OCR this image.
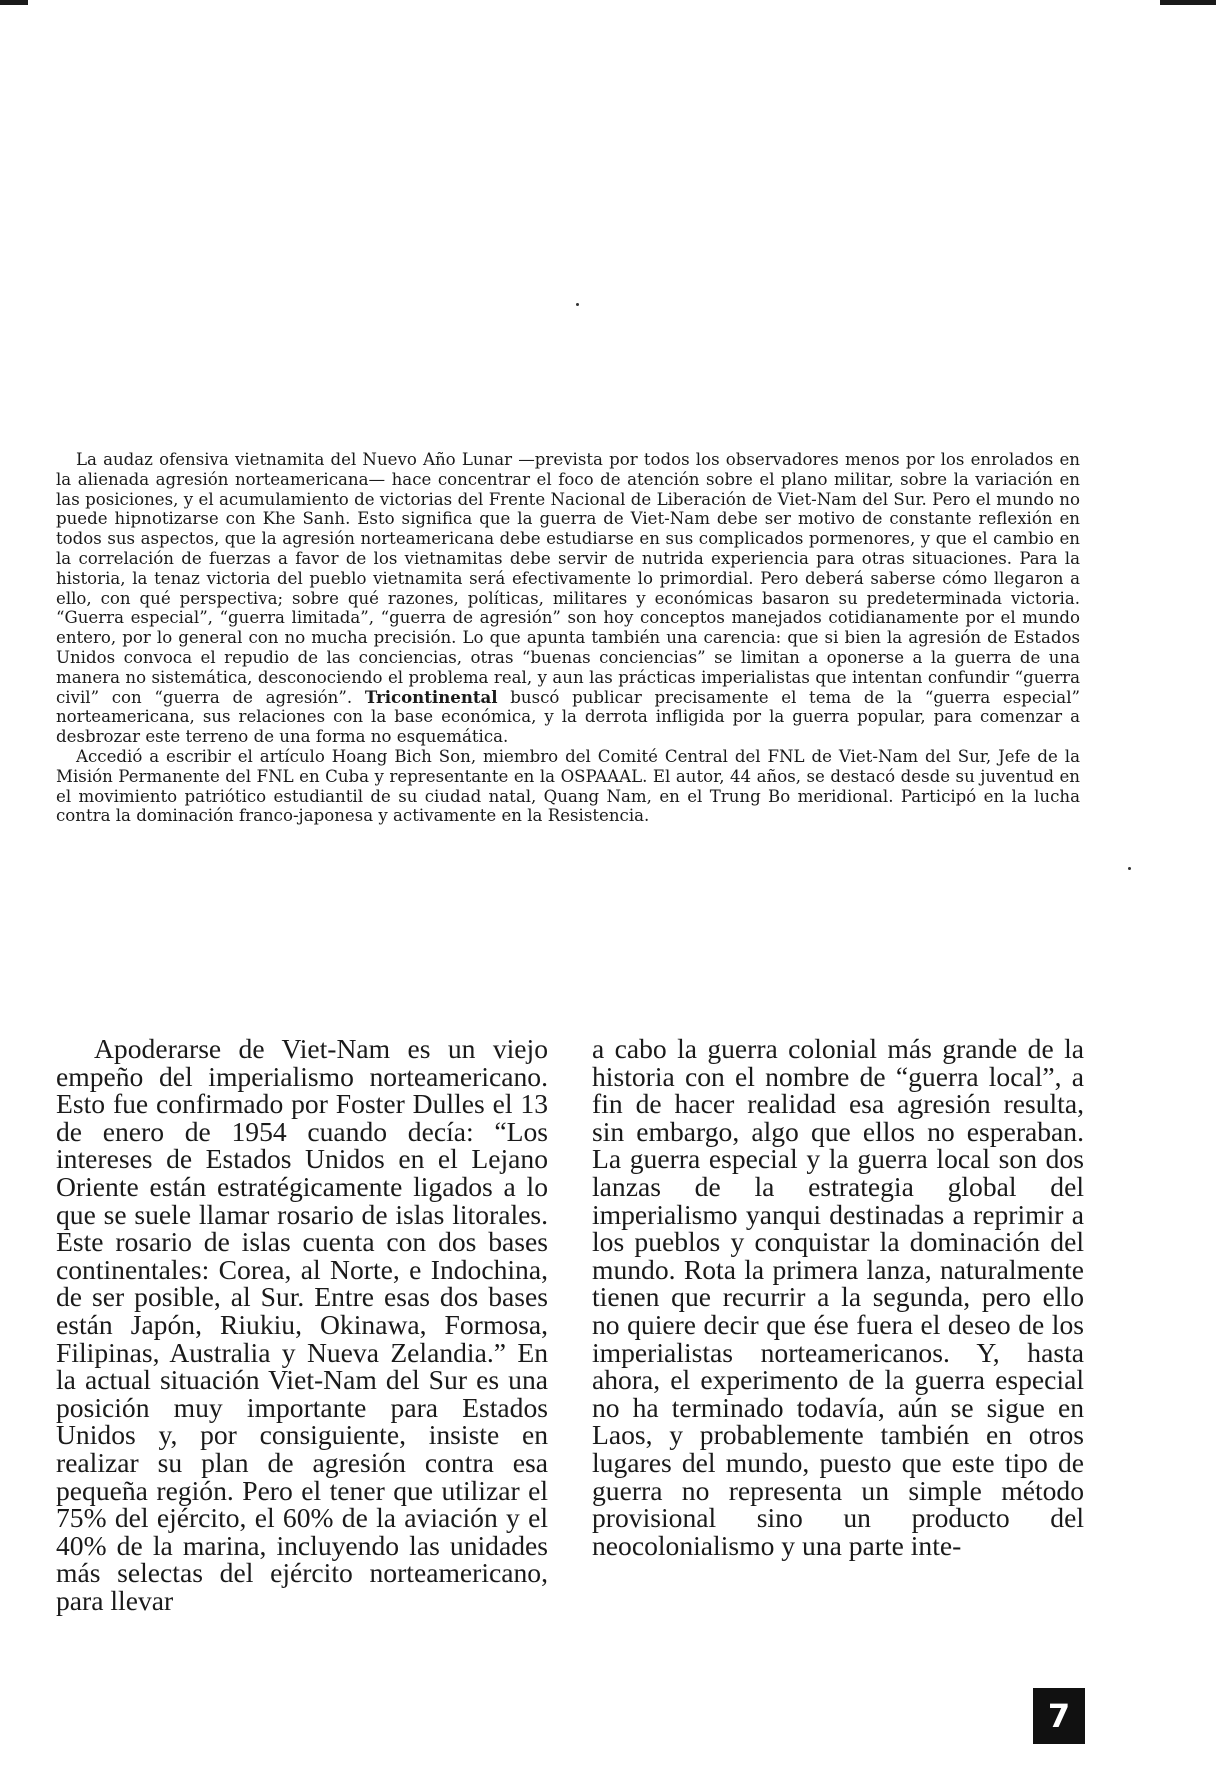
La audaz ofensiva vietnamita del Nuevo Año Lunar —prevista por todos los observadores menos por los enrolados en la alienada agresión norteamericana— hace concentrar el foco de atención sobre el plano militar, sobre la variación en las posiciones, y el acumulamiento de victorias del Frente Nacional de Liberación de Viet-Nam del Sur. Pero el mundo no puede hipnotizarse con Khe Sanh. Esto significa que la guerra de Viet-Nam debe ser motivo de constante reflexión en todos sus aspectos, que la agresión norteamericana debe estudiarse en sus complicados pormenores, y que el cambio en la correlación de fuerzas a favor de los vietnamitas debe servir de nutrida experiencia para otras situaciones. Para la historia, la tenaz victoria del pueblo vietnamita será efectivamente lo primordial. Pero deberá saberse cómo llegaron a ello, con qué perspectiva; sobre qué razones, políticas, militares y económicas basaron su predeterminada victoria. “Guerra especial”, “guerra limitada”, “guerra de agresión” son hoy conceptos manejados cotidianamente por el mundo entero, por lo general con no mucha precisión. Lo que apunta también una carencia: que si bien la agresión de Estados Unidos convoca el repudio de las conciencias, otras “buenas conciencias” se limitan a oponerse a la guerra de una manera no sistemática, desconociendo el problema real, y aun las prácticas imperialistas que intentan confundir “guerra civil” con “guerra de agresión”. Tricontinental buscó publicar precisamente el tema de la “guerra especial” norteamericana, sus relaciones con la base económica, y la derrota infligida por la guerra popular, para comenzar a desbrozar este terreno de una forma no esquemática.

Accedió a escribir el artículo Hoang Bich Son, miembro del Comité Central del FNL de Viet-Nam del Sur, Jefe de la Misión Permanente del FNL en Cuba y representante en la OSPAAAL. El autor, 44 años, se destacó desde su juventud en el movimiento patriótico estudiantil de su ciudad natal, Quang Nam, en el Trung Bo meridional. Participó en la lucha contra la dominación franco-japonesa y activamente en la Resistencia.

Apoderarse de Viet-Nam es un viejo empeño del imperialismo norteamericano. Esto fue confirmado por Foster Dulles el 13 de enero de 1954 cuando decía: “Los intereses de Estados Unidos en el Lejano Oriente están estratégicamente ligados a lo que se suele llamar rosario de islas litorales. Este rosario de islas cuenta con dos bases continentales: Corea, al Norte, e Indochina, de ser posible, al Sur. Entre esas dos bases están Japón, Riukiu, Okinawa, Formosa, Filipinas, Australia y Nueva Zelandia.” En la actual situación Viet-Nam del Sur es una posición muy importante para Estados Unidos y, por consiguiente, insiste en realizar su plan de agresión contra esa pequeña región. Pero el tener que utilizar el 75% del ejército, el 60% de la aviación y el 40% de la marina, incluyendo las unidades más selectas del ejército norteamericano, para llevar

a cabo la guerra colonial más grande de la historia con el nombre de “guerra local”, a fin de hacer realidad esa agresión resulta, sin embargo, algo que ellos no esperaban. La guerra especial y la guerra local son dos lanzas de la estrategia global del imperialismo yanqui destinadas a reprimir a los pueblos y conquistar la dominación del mundo. Rota la primera lanza, naturalmente tienen que recurrir a la segunda, pero ello no quiere decir que ése fuera el deseo de los imperialistas norteamericanos. Y, hasta ahora, el experimento de la guerra especial no ha terminado todavía, aún se sigue en Laos, y probablemente también en otros lugares del mundo, puesto que este tipo de guerra no representa un simple método provisional sino un producto del neocolonialismo y una parte inte-

7
